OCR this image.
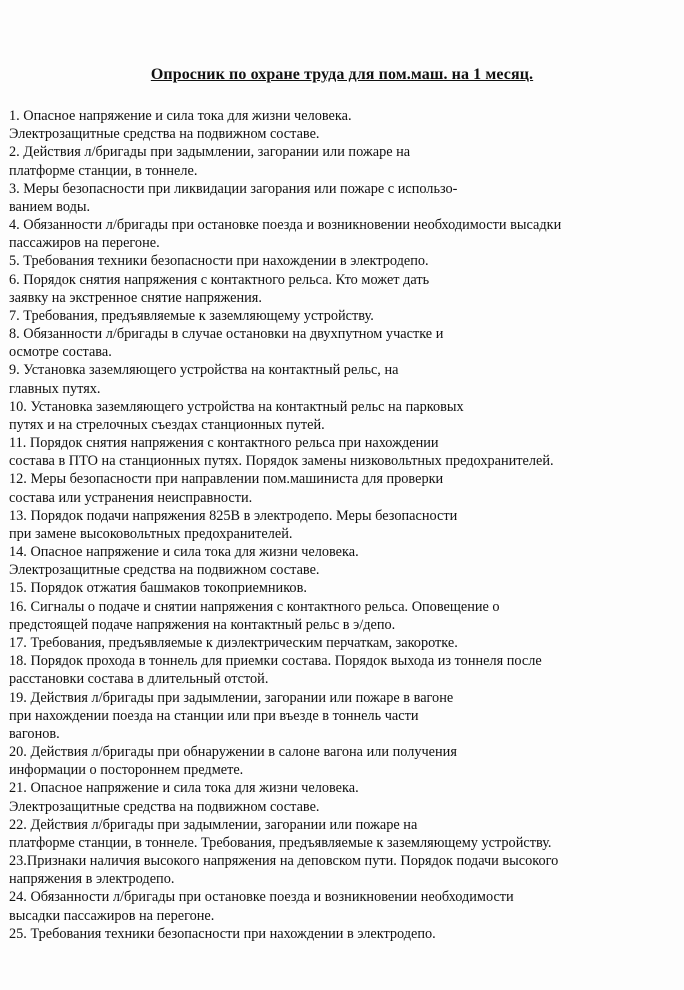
Опросник по охране труда для пом.маш. на 1 месяц.
1. Опасное напряжение и сила тока для жизни человека.
Электрозащитные средства на подвижном составе.
2. Действия л/бригады при задымлении, загорании или пожаре на
платформе станции, в тоннеле.
3. Меры безопасности при ликвидации загорания или пожаре с использо-
ванием воды.
4. Обязанности л/бригады при остановке поезда и возникновении необходимости высадки
пассажиров на перегоне.
5. Требования техники безопасности при нахождении в электродепо.
6. Порядок снятия напряжения с контактного рельса. Кто может дать
заявку на экстренное снятие напряжения.
7. Требования, предъявляемые к заземляющему устройству.
8. Обязанности л/бригады в случае остановки на двухпутном участке и
осмотре состава.
9. Установка заземляющего устройства на контактный рельс, на
главных путях.
10. Установка заземляющего устройства на контактный рельс на парковых
путях и на стрелочных съездах станционных путей.
11. Порядок снятия напряжения с контактного рельса при нахождении
состава в ПТО на станционных путях. Порядок замены низковольтных предохранителей.
12. Меры безопасности при направлении пом.машиниста для проверки
состава или устранения неисправности.
13. Порядок подачи напряжения 825В в электродепо. Меры безопасности
при замене высоковольтных предохранителей.
14. Опасное напряжение и сила тока для жизни человека.
Электрозащитные средства на подвижном составе.
15. Порядок отжатия башмаков токоприемников.
16. Сигналы о подаче и снятии напряжения с контактного рельса. Оповещение о
предстоящей подаче напряжения на контактный рельс в э/депо.
17. Требования, предъявляемые к диэлектрическим перчаткам, закоротке.
18. Порядок прохода в тоннель для приемки состава. Порядок выхода из тоннеля после
расстановки состава в длительный отстой.
19. Действия л/бригады при задымлении, загорании или пожаре в вагоне
при нахождении поезда на станции или при въезде в тоннель части
вагонов.
20. Действия л/бригады при обнаружении в салоне вагона или получения
информации о постороннем предмете.
21. Опасное напряжение и сила тока для жизни человека.
Электрозащитные средства на подвижном составе.
22. Действия л/бригады при задымлении, загорании или пожаре на
платформе станции, в тоннеле. Требования, предъявляемые к заземляющему устройству.
23.Признаки наличия высокого напряжения на деповском пути. Порядок подачи высокого
напряжения в электродепо.
24. Обязанности л/бригады при остановке поезда и возникновении необходимости
высадки пассажиров на перегоне.
25. Требования техники безопасности при нахождении в электродепо.
